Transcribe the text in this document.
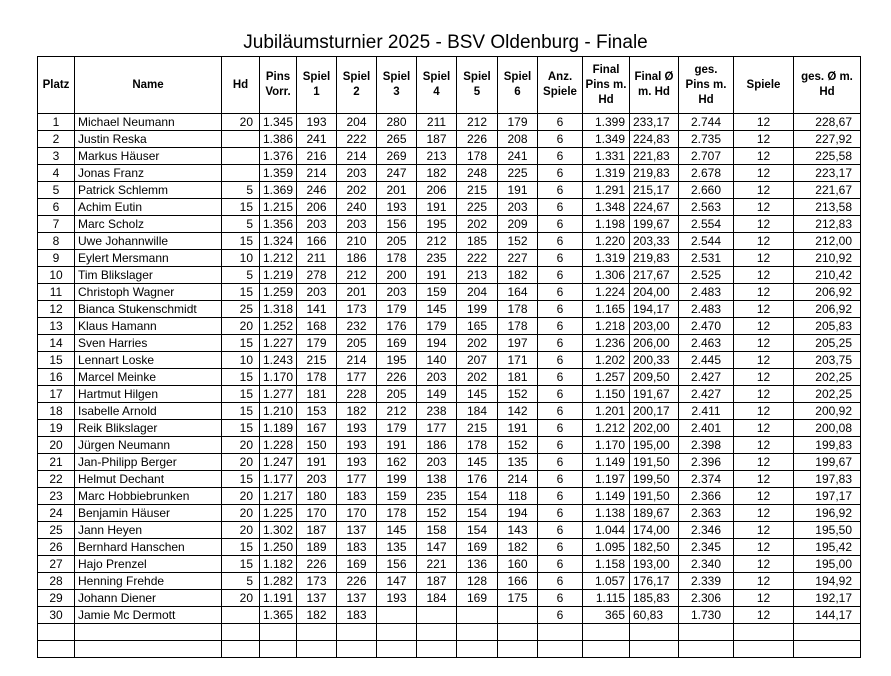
Jubiläumsturnier 2025 - BSV Oldenburg - Finale
Platz	Name	Hd	Pins Vorr.	Spiel 1	Spiel 2	Spiel 3	Spiel 4	Spiel 5	Spiel 6	Anz. Spiele	Final Pins m. Hd	Final Ø m. Hd	ges. Pins m. Hd	Spiele	ges. Ø m. Hd
1	Michael Neumann	20	1.345	193	204	280	211	212	179	6	1.399	233,17	2.744	12	228,67
2	Justin Reska		1.386	241	222	265	187	226	208	6	1.349	224,83	2.735	12	227,92
3	Markus Häuser		1.376	216	214	269	213	178	241	6	1.331	221,83	2.707	12	225,58
4	Jonas Franz		1.359	214	203	247	182	248	225	6	1.319	219,83	2.678	12	223,17
5	Patrick Schlemm	5	1.369	246	202	201	206	215	191	6	1.291	215,17	2.660	12	221,67
6	Achim Eutin	15	1.215	206	240	193	191	225	203	6	1.348	224,67	2.563	12	213,58
7	Marc Scholz	5	1.356	203	203	156	195	202	209	6	1.198	199,67	2.554	12	212,83
8	Uwe Johannwille	15	1.324	166	210	205	212	185	152	6	1.220	203,33	2.544	12	212,00
9	Eylert Mersmann	10	1.212	211	186	178	235	222	227	6	1.319	219,83	2.531	12	210,92
10	Tim Blikslager	5	1.219	278	212	200	191	213	182	6	1.306	217,67	2.525	12	210,42
11	Christoph Wagner	15	1.259	203	201	203	159	204	164	6	1.224	204,00	2.483	12	206,92
12	Bianca Stukenschmidt	25	1.318	141	173	179	145	199	178	6	1.165	194,17	2.483	12	206,92
13	Klaus Hamann	20	1.252	168	232	176	179	165	178	6	1.218	203,00	2.470	12	205,83
14	Sven Harries	15	1.227	179	205	169	194	202	197	6	1.236	206,00	2.463	12	205,25
15	Lennart Loske	10	1.243	215	214	195	140	207	171	6	1.202	200,33	2.445	12	203,75
16	Marcel Meinke	15	1.170	178	177	226	203	202	181	6	1.257	209,50	2.427	12	202,25
17	Hartmut Hilgen	15	1.277	181	228	205	149	145	152	6	1.150	191,67	2.427	12	202,25
18	Isabelle Arnold	15	1.210	153	182	212	238	184	142	6	1.201	200,17	2.411	12	200,92
19	Reik Blikslager	15	1.189	167	193	179	177	215	191	6	1.212	202,00	2.401	12	200,08
20	Jürgen Neumann	20	1.228	150	193	191	186	178	152	6	1.170	195,00	2.398	12	199,83
21	Jan-Philipp Berger	20	1.247	191	193	162	203	145	135	6	1.149	191,50	2.396	12	199,67
22	Helmut Dechant	15	1.177	203	177	199	138	176	214	6	1.197	199,50	2.374	12	197,83
23	Marc Hobbiebrunken	20	1.217	180	183	159	235	154	118	6	1.149	191,50	2.366	12	197,17
24	Benjamin Häuser	20	1.225	170	170	178	152	154	194	6	1.138	189,67	2.363	12	196,92
25	Jann Heyen	20	1.302	187	137	145	158	154	143	6	1.044	174,00	2.346	12	195,50
26	Bernhard Hanschen	15	1.250	189	183	135	147	169	182	6	1.095	182,50	2.345	12	195,42
27	Hajo Prenzel	15	1.182	226	169	156	221	136	160	6	1.158	193,00	2.340	12	195,00
28	Henning Frehde	5	1.282	173	226	147	187	128	166	6	1.057	176,17	2.339	12	194,92
29	Johann Diener	20	1.191	137	137	193	184	169	175	6	1.115	185,83	2.306	12	192,17
30	Jamie Mc Dermott		1.365	182	183					6	365	60,83	1.730	12	144,17
